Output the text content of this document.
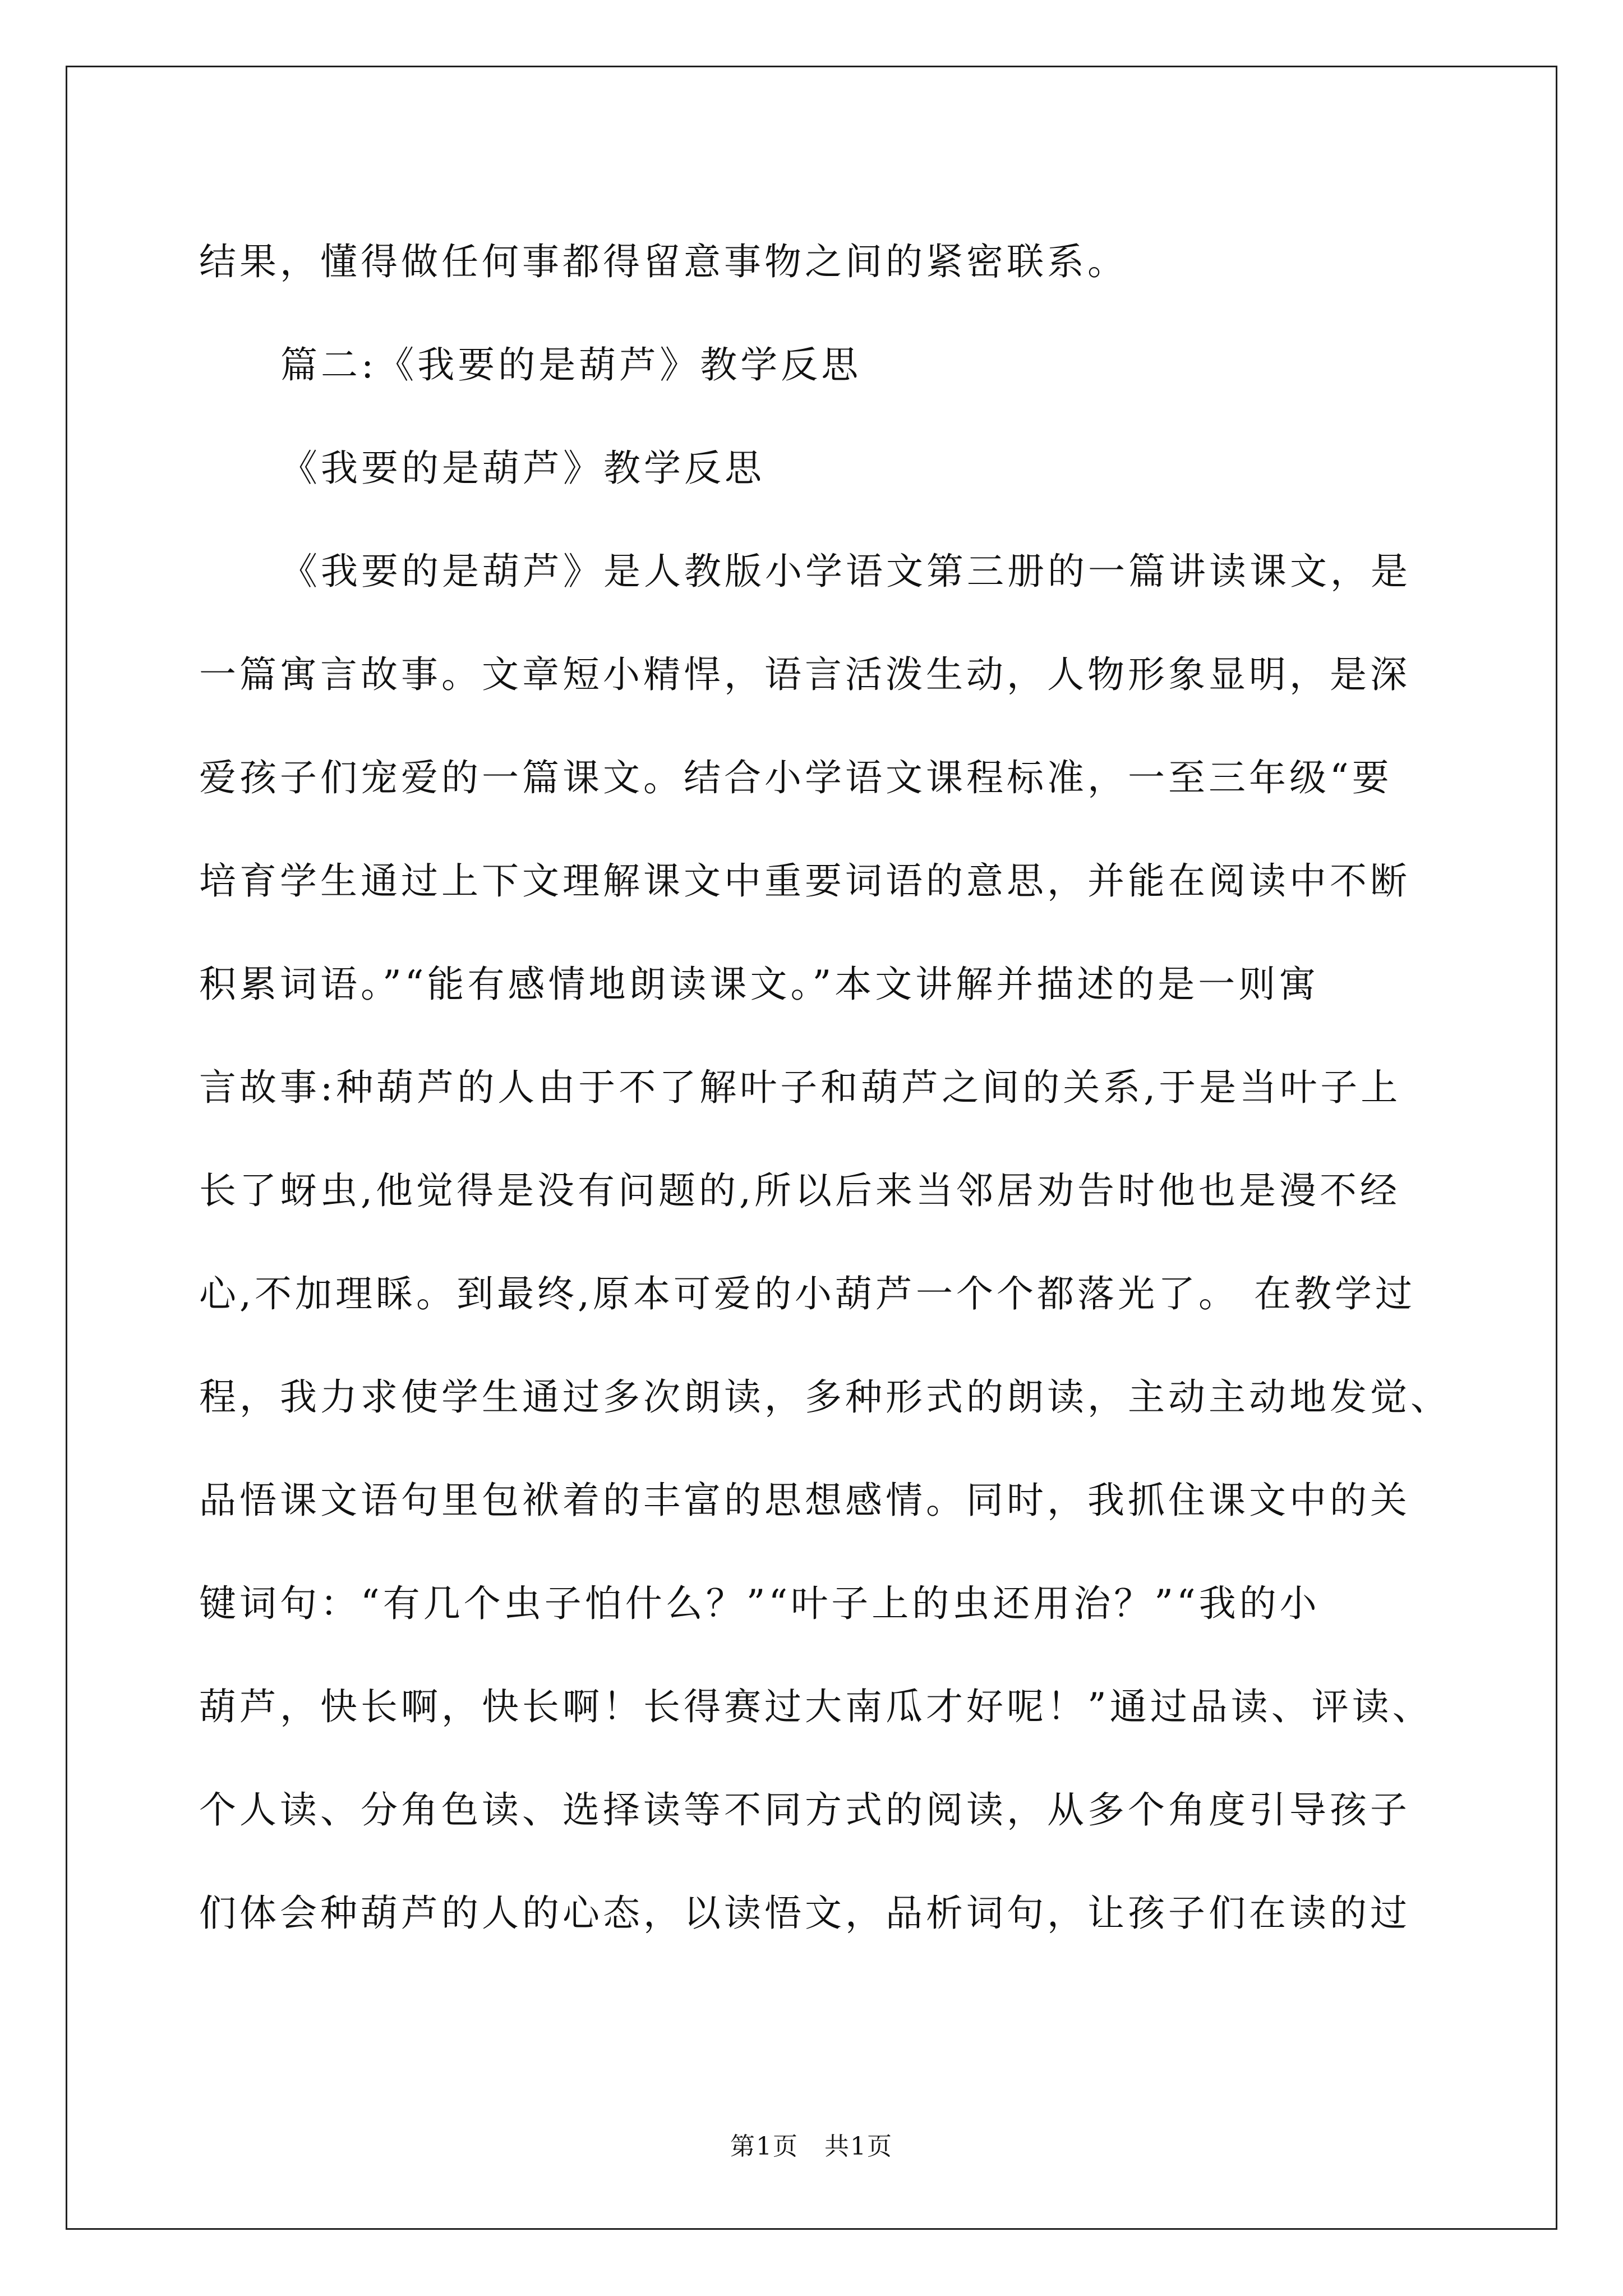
结果，懂得做任何事都得留意事物之间的紧密联系。
篇二:《我要的是葫芦》教学反思
《我要的是葫芦》教学反思
《我要的是葫芦》是人教版小学语文第三册的一篇讲读课文，是
一篇寓言故事。文章短小精悍，语言活泼生动，人物形象显明，是深
爱孩子们宠爱的一篇课文。结合小学语文课程标准，一至三年级“要
培育学生通过上下文理解课文中重要词语的意思，并能在阅读中不断
积累词语。”“能有感情地朗读课文。”本文讲解并描述的是一则寓
言故事:种葫芦的人由于不了解叶子和葫芦之间的关系,于是当叶子上
长了蚜虫,他觉得是没有问题的,所以后来当邻居劝告时他也是漫不经
心,不加理睬。到最终,原本可爱的小葫芦一个个都落光了。 在教学过
程，我力求使学生通过多次朗读，多种形式的朗读，主动主动地发觉、
品悟课文语句里包袱着的丰富的思想感情。同时，我抓住课文中的关
键词句：“有几个虫子怕什么？”“叶子上的虫还用治？”“我的小
葫芦，快长啊，快长啊！长得赛过大南瓜才好呢！”通过品读、评读、
个人读、分角色读、选择读等不同方式的阅读，从多个角度引导孩子
们体会种葫芦的人的心态，以读悟文，品析词句，让孩子们在读的过
第1页　共1页
